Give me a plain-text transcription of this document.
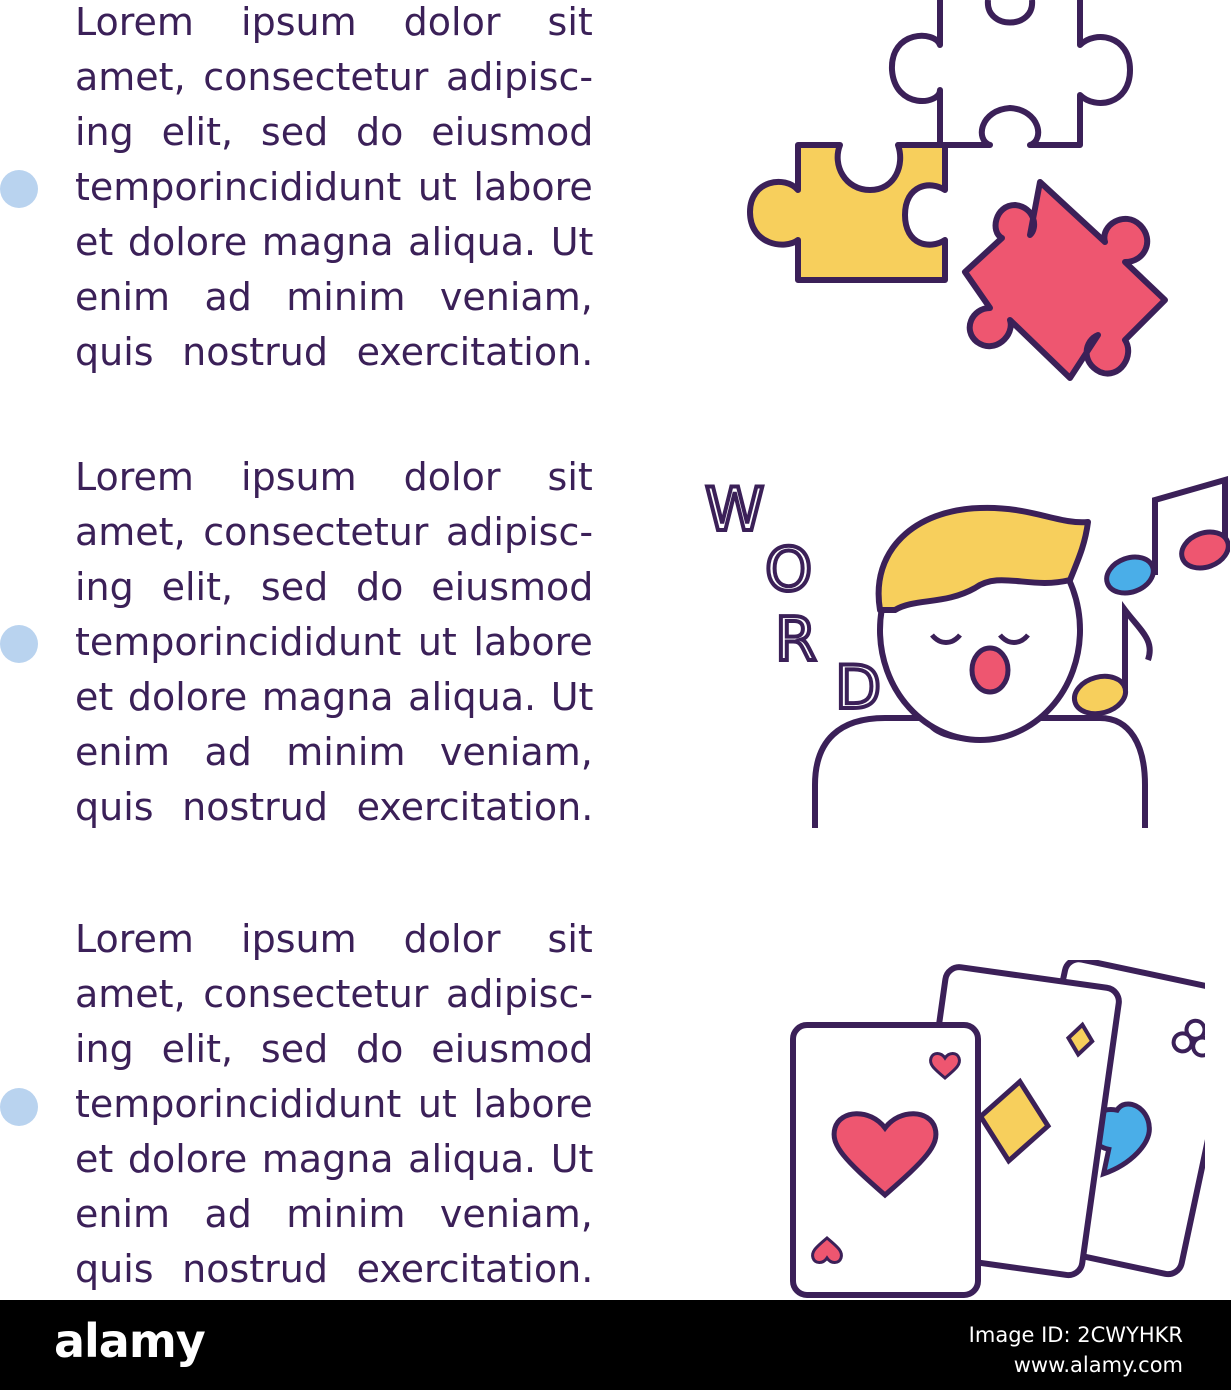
Lorem ipsum dolor sit
amet, consectetur adipisc-
ing elit, sed do eiusmod
temporincididunt ut labore
et dolore magna aliqua. Ut
enim ad minim veniam,
quis nostrud exercitation.
Lorem ipsum dolor sit
amet, consectetur adipisc-
ing elit, sed do eiusmod
temporincididunt ut labore
et dolore magna aliqua. Ut
enim ad minim veniam,
quis nostrud exercitation.
W
O
R
D
Lorem ipsum dolor sit
amet, consectetur adipisc-
ing elit, sed do eiusmod
temporincididunt ut labore
et dolore magna aliqua. Ut
enim ad minim veniam,
quis nostrud exercitation.
alamy	Image ID: 2CWYHKR
www.alamy.com
